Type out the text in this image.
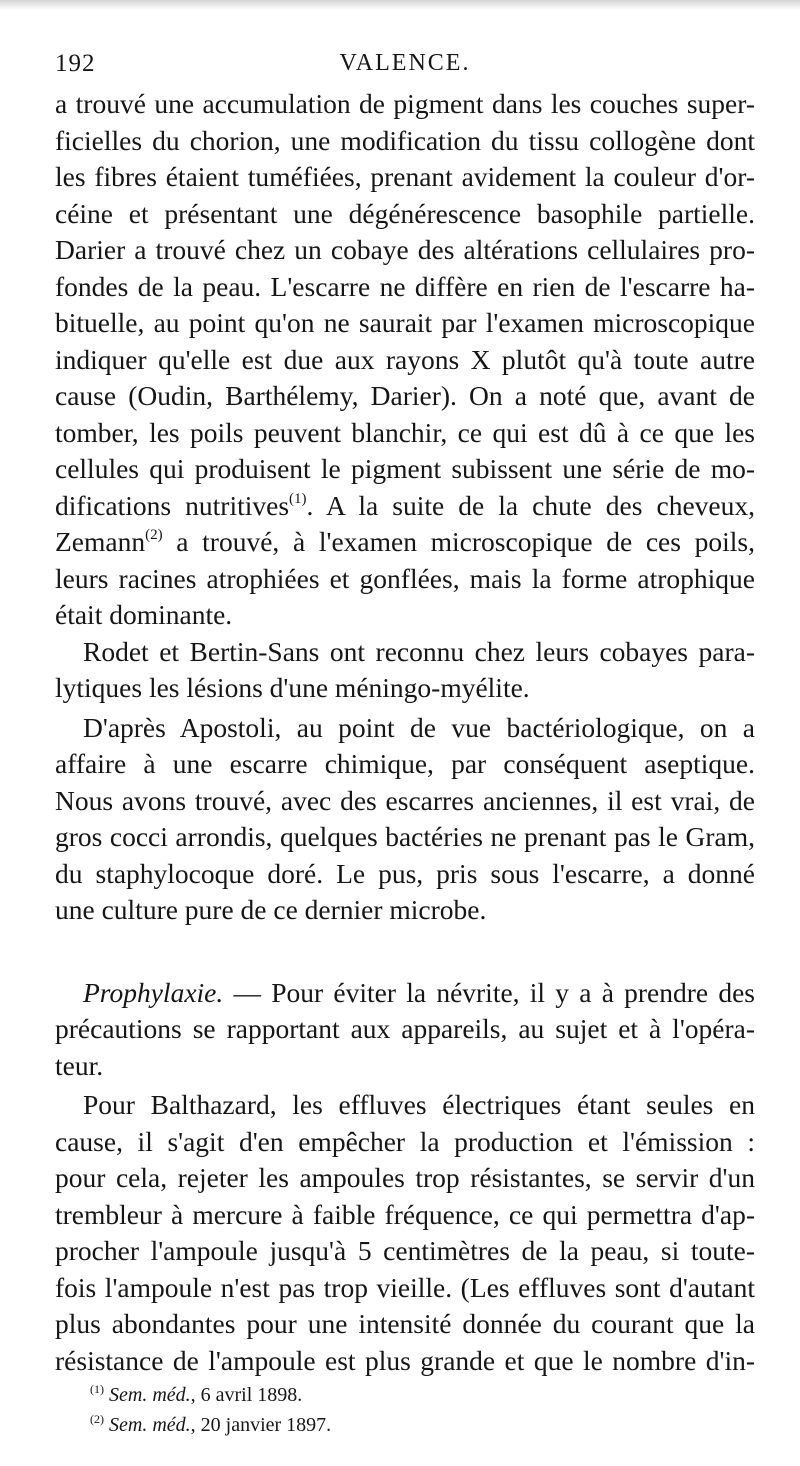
192	VALENCE.
a trouvé une accumulation de pigment dans les couches super-
ficielles du chorion, une modification du tissu collogène dont
les fibres étaient tuméfiées, prenant avidement la couleur d'or-
céine et présentant une dégénérescence basophile partielle.
Darier a trouvé chez un cobaye des altérations cellulaires pro-
fondes de la peau. L'escarre ne diffère en rien de l'escarre ha-
bituelle, au point qu'on ne saurait par l'examen microscopique
indiquer qu'elle est due aux rayons X plutôt qu'à toute autre
cause (Oudin, Barthélemy, Darier). On a noté que, avant de
tomber, les poils peuvent blanchir, ce qui est dû à ce que les
cellules qui produisent le pigment subissent une série de mo-
difications nutritives$^{(1)}$. A la suite de la chute des cheveux,
Zemann$^{(2)}$ a trouvé, à l'examen microscopique de ces poils,
leurs racines atrophiées et gonflées, mais la forme atrophique
était dominante.
Rodet et Bertin-Sans ont reconnu chez leurs cobayes para-
lytiques les lésions d'une méningo-myélite.
D'après Apostoli, au point de vue bactériologique, on a
affaire à une escarre chimique, par conséquent aseptique.
Nous avons trouvé, avec des escarres anciennes, il est vrai, de
gros cocci arrondis, quelques bactéries ne prenant pas le Gram,
du staphylocoque doré. Le pus, pris sous l'escarre, a donné
une culture pure de ce dernier microbe.
Prophylaxie. — Pour éviter la névrite, il y a à prendre des
précautions se rapportant aux appareils, au sujet et à l'opéra-
teur.
Pour Balthazard, les effluves électriques étant seules en
cause, il s'agit d'en empêcher la production et l'émission :
pour cela, rejeter les ampoules trop résistantes, se servir d'un
trembleur à mercure à faible fréquence, ce qui permettra d'ap-
procher l'ampoule jusqu'à 5 centimètres de la peau, si toute-
fois l'ampoule n'est pas trop vieille. (Les effluves sont d'autant
plus abondantes pour une intensité donnée du courant que la
résistance de l'ampoule est plus grande et que le nombre d'in-
$^{(1)}$ Sem. méd., 6 avril 1898.
$^{(2)}$ Sem. méd., 20 janvier 1897.
